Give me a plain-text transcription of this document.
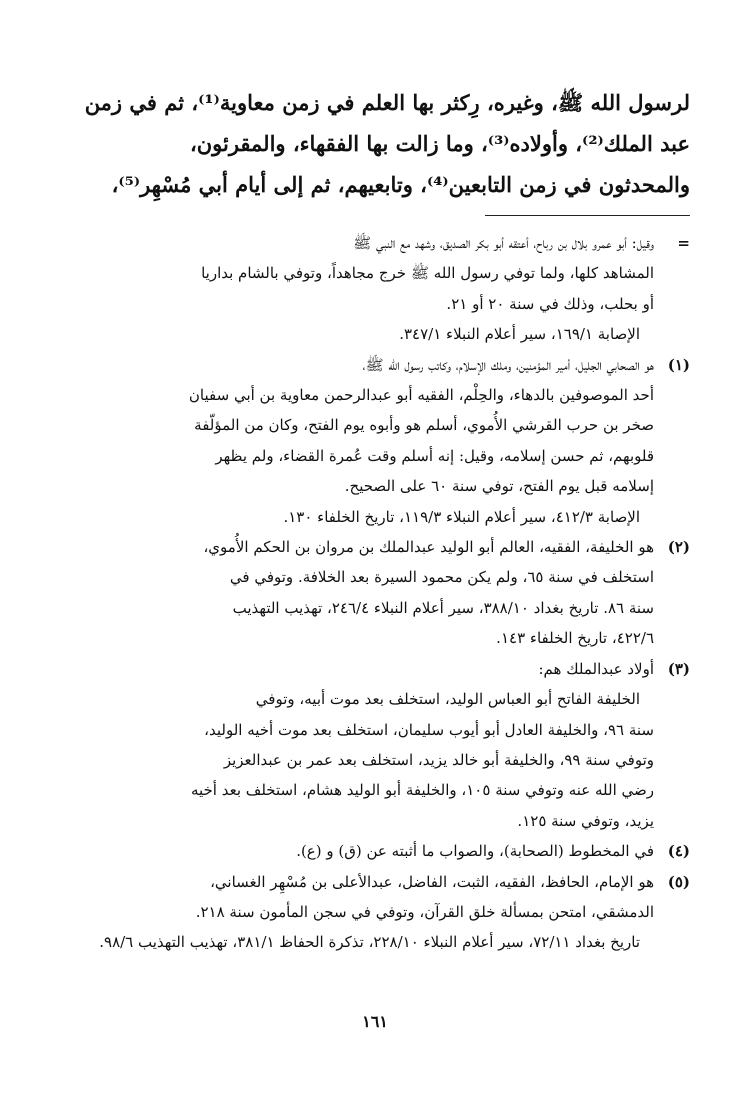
لرسول الله ﷺ، وغيره، رِكثر بها العلم في زمن معاوية⁽¹⁾، ثم في زمن

عبد الملك⁽²⁾، وأولاده⁽³⁾، وما زالت بها الفقهاء، والمقرئون،

والمحدثون في زمن التابعين⁽⁴⁾، وتابعيهم، ثم إلى أيام أبي مُسْهِر⁽⁵⁾،

=

وقيل: أبو عمرو بلال بن رباح، أعتقه أبو بكر الصديق، وشهد مع النبي ﷺ

المشاهد كلها، ولما توفي رسول الله ﷺ خرج مجاهداً، وتوفي بالشام بداريا

أو بحلب، وذلك في سنة ٢٠ أو ٢١.

الإصابة ١٦٩/١، سير أعلام النبلاء ٣٤٧/١.

(١)

هو الصحابي الجليل، أمير المؤمنين، وملك الإسلام، وكاتب رسول الله ﷺ،

أحد الموصوفين بالدهاء، والحِلْم، الفقيه أبو عبدالرحمن معاوية بن أبي سفيان

صخر بن حرب القرشي الأُموي، أسلم هو وأبوه يوم الفتح، وكان من المؤلّفة

قلوبهم، ثم حسن إسلامه، وقيل: إنه أسلم وقت عُمرة القضاء، ولم يظهر

إسلامه قبل يوم الفتح، توفي سنة ٦٠ على الصحيح.

الإصابة ٤١٢/٣، سير أعلام النبلاء ١١٩/٣، تاريخ الخلفاء ١٣٠.

(٢)

هو الخليفة، الفقيه، العالم أبو الوليد عبدالملك بن مروان بن الحكم الأُموي،

استخلف في سنة ٦٥، ولم يكن محمود السيرة بعد الخلافة. وتوفي في

سنة ٨٦. تاريخ بغداد ٣٨٨/١٠، سير أعلام النبلاء ٢٤٦/٤، تهذيب التهذيب

٤٢٢/٦، تاريخ الخلفاء ١٤٣.

(٣)

أولاد عبدالملك هم:

الخليفة الفاتح أبو العباس الوليد، استخلف بعد موت أبيه، وتوفي

سنة ٩٦، والخليفة العادل أبو أيوب سليمان، استخلف بعد موت أخيه الوليد،

وتوفي سنة ٩٩، والخليفة أبو خالد يزيد، استخلف بعد عمر بن عبدالعزيز

رضي الله عنه وتوفي سنة ١٠٥، والخليفة أبو الوليد هشام، استخلف بعد أخيه

يزيد، وتوفي سنة ١٢٥.

(٤)

في المخطوط (الصحابة)، والصواب ما أثبته عن (ق) و (ع).

(٥)

هو الإمام، الحافظ، الفقيه، الثبت، الفاضل، عبدالأعلى بن مُسْهِر الغساني،

الدمشقي، امتحن بمسألة خلق القرآن، وتوفي في سجن المأمون سنة ٢١٨.

تاريخ بغداد ٧٢/١١، سير أعلام النبلاء ٢٢٨/١٠، تذكرة الحفاظ ٣٨١/١، تهذيب التهذيب ٩٨/٦.

١٦١
